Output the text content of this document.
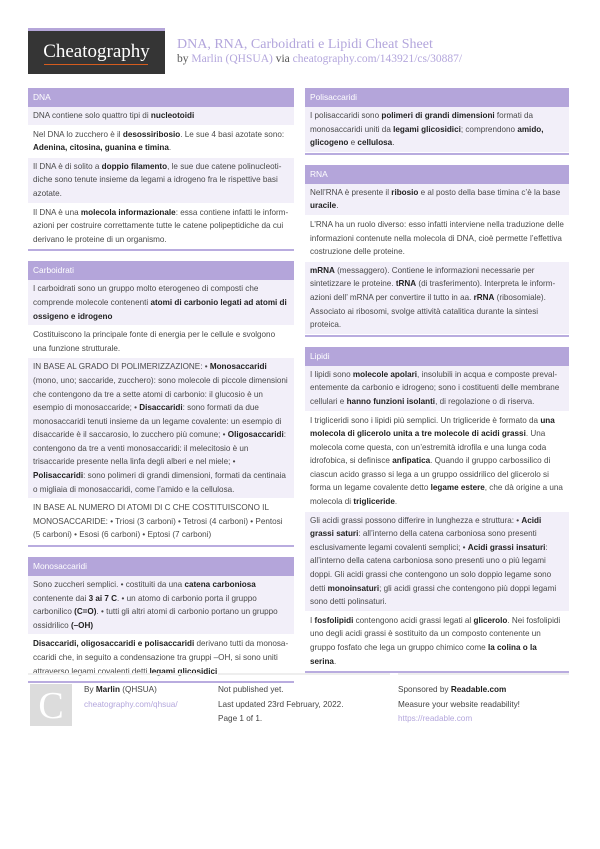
Cheatography	DNA, RNA, Carboidrati e Lipidi Cheat Sheet
by Marlin (QHSUA) via cheatography.com/143921/cs/30887/
DNA
DNA contiene solo quattro tipi di nucleotoidi
Nel DNA lo zucchero è il desossiribosio. Le sue 4 basi azotate sono: Adenina, citosina, guanina e timina.
Il DNA è di solito a doppio filamento, le sue due catene polinucleotidiche sono tenute insieme da legami a idrogeno fra le rispettive basi azotate.
Il DNA è una molecola informazionale: essa contiene infatti le informazioni per costruire correttamente tutte le catene polipeptidiche da cui derivano le proteine di un organismo.
Carboidrati
I carboidrati sono un gruppo molto eterogeneo di composti che comprende molecole contenenti atomi di carbonio legati ad atomi di ossigeno e idrogeno
Costituiscono la principale fonte di energia per le cellule e svolgono una funzione strutturale.
IN BASE AL GRADO DI POLIMERIZZAZIONE: • Monosaccaridi (mono, uno; saccaride, zucchero): sono molecole di piccole dimensioni che contengono da tre a sette atomi di carbonio: il glucosio è un esempio di monosaccaride; • Disaccaridi: sono formati da due monosaccaridi tenuti insieme da un legame covalente: un esempio di disaccaride è il saccarosio, lo zucchero più comune; • Oligosaccaridi: contengono da tre a venti monosaccaridi: il melecitosio è un trisaccaride presente nella linfa degli alberi e nel miele; • Polisaccaridi: sono polimeri di grandi dimensioni, formati da centinaia o migliaia di monosaccaridi, come l’amido e la cellulosa.
IN BASE AL NUMERO DI ATOMI DI C CHE COSTITUISCONO IL MONOSACCARIDE: • Triosi (3 carboni) • Tetrosi (4 carboni) • Pentosi (5 carboni) • Esosi (6 carboni) • Eptosi (7 carboni)
Monosaccaridi
Sono zuccheri semplici. • costituiti da una catena carboniosa contenente dai 3 ai 7 C. • un atomo di carbonio porta il gruppo carbonilico (C=O). • tutti gli altri atomi di carbonio portano un gruppo ossidrilico (–OH)
Disaccaridi, oligosaccaridi e polisaccaridi derivano tutti da monosaccaridi che, in seguito a condensazione tra gruppi –OH, si sono uniti attraverso legami covalenti detti legami glicosidici.
Polisaccaridi
I polisaccaridi sono polimeri di grandi dimensioni formati da monosaccaridi uniti da legami glicosidici; comprendono amido, glicogeno e cellulosa.
RNA
Nell’RNA è presente il ribosio e al posto della base timina c’è la base uracile.
L’RNA ha un ruolo diverso: esso infatti interviene nella traduzione delle informazioni contenute nella molecola di DNA, cioè permette l’effettiva costruzione delle proteine.
mRNA (messaggero). Contiene le informazioni necessarie per sintetizzare le proteine. tRNA (di trasferimento). Interpreta le informazioni dell’ mRNA per convertire il tutto in aa. rRNA (ribosomiale). Associato ai ribosomi, svolge attività catalitica durante la sintesi proteica.
Lipidi
I lipidi sono molecole apolari, insolubili in acqua e composte prevalentemente da carbonio e idrogeno; sono i costituenti delle membrane cellulari e hanno funzioni isolanti, di regolazione o di riserva.
I trigliceridi sono i lipidi più semplici. Un trigliceride è formato da una molecola di glicerolo unita a tre molecole di acidi grassi. Una molecola come questa, con un’estremità idrofila e una lunga coda idrofobica, si definisce anfipatica. Quando il gruppo carbossilico di ciascun acido grasso si lega a un gruppo ossidrilico del glicerolo si forma un legame covalente detto legame estere, che dà origine a una molecola di trigliceride.
Gli acidi grassi possono differire in lunghezza e struttura: • Acidi grassi saturi: all’interno della catena carboniosa sono presenti esclusivamente legami covalenti semplici; • Acidi grassi insaturi: all’interno della catena carboniosa sono presenti uno o più legami doppi. Gli acidi grassi che contengono un solo doppio legame sono detti monoinsaturi; gli acidi grassi che contengono più doppi legami sono detti polinsaturi.
I fosfolipidi contengono acidi grassi legati al glicerolo. Nei fosfolipidi uno degli acidi grassi è sostituito da un composto contenente un gruppo fosfato che lega un gruppo chimico come la colina o la serina.
C	By Marlin (QHSUA)
cheatography.com/qhsua/
Not published yet.
Last updated 23rd February, 2022.
Page 1 of 1.
Sponsored by Readable.com
Measure your website readability!
https://readable.com
